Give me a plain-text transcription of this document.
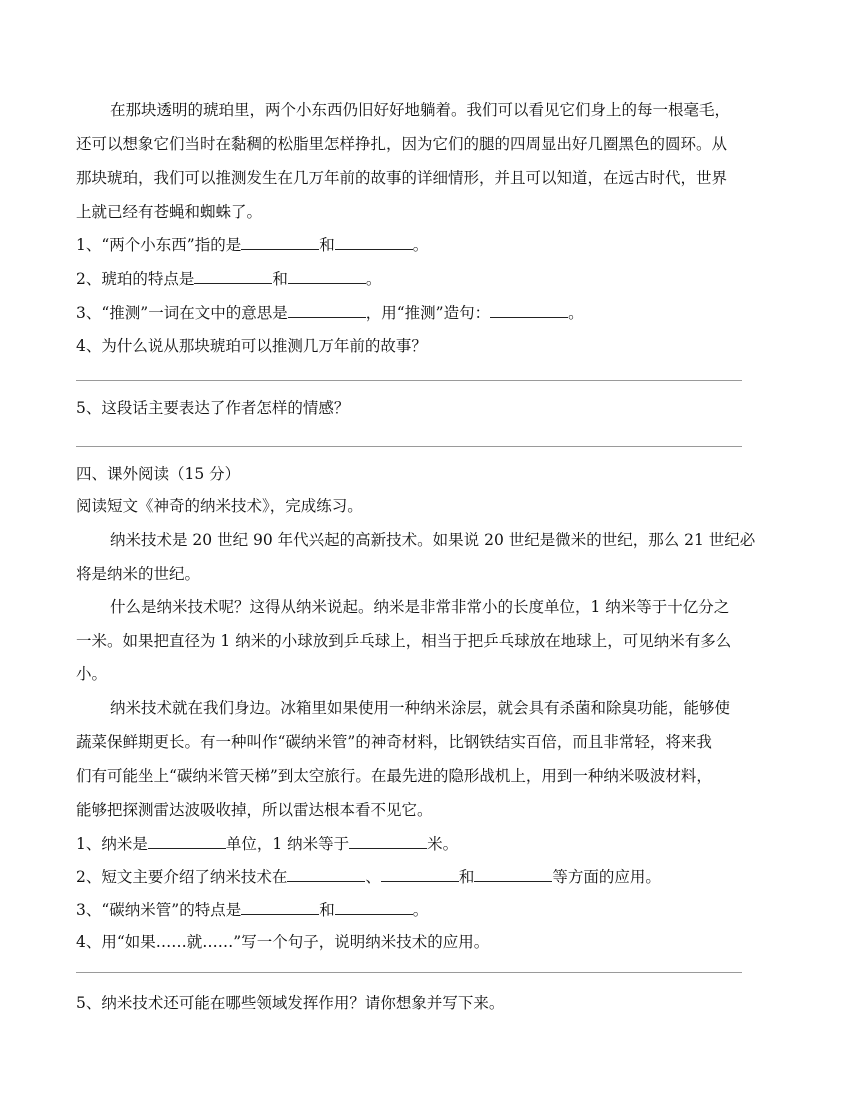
在那块透明的琥珀里，两个小东西仍旧好好地躺着。我们可以看见它们身上的每一根毫毛，
还可以想象它们当时在黏稠的松脂里怎样挣扎，因为它们的腿的四周显出好几圈黑色的圆环。从
那块琥珀，我们可以推测发生在几万年前的故事的详细情形，并且可以知道，在远古时代，世界
上就已经有苍蝇和蜘蛛了。
1、“两个小东西”指的是	和	。
2、琥珀的特点是	和	。
3、“推测”一词在文中的意思是	，用“推测”造句：	。
4、为什么说从那块琥珀可以推测几万年前的故事？
5、这段话主要表达了作者怎样的情感？
四、课外阅读（15 分）
阅读短文《神奇的纳米技术》，完成练习。
纳米技术是 20 世纪 90 年代兴起的高新技术。如果说 20 世纪是微米的世纪，那么 21 世纪必
将是纳米的世纪。
什么是纳米技术呢？这得从纳米说起。纳米是非常非常小的长度单位，1 纳米等于十亿分之
一米。如果把直径为 1 纳米的小球放到乒乓球上，相当于把乒乓球放在地球上，可见纳米有多么
小。
纳米技术就在我们身边。冰箱里如果使用一种纳米涂层，就会具有杀菌和除臭功能，能够使
蔬菜保鲜期更长。有一种叫作“碳纳米管”的神奇材料，比钢铁结实百倍，而且非常轻，将来我
们有可能坐上“碳纳米管天梯”到太空旅行。在最先进的隐形战机上，用到一种纳米吸波材料，
能够把探测雷达波吸收掉，所以雷达根本看不见它。
1、纳米是	单位，1 纳米等于	米。
2、短文主要介绍了纳米技术在	、	和	等方面的应用。
3、“碳纳米管”的特点是	和	。
4、用“如果……就……”写一个句子，说明纳米技术的应用。
5、纳米技术还可能在哪些领域发挥作用？请你想象并写下来。
